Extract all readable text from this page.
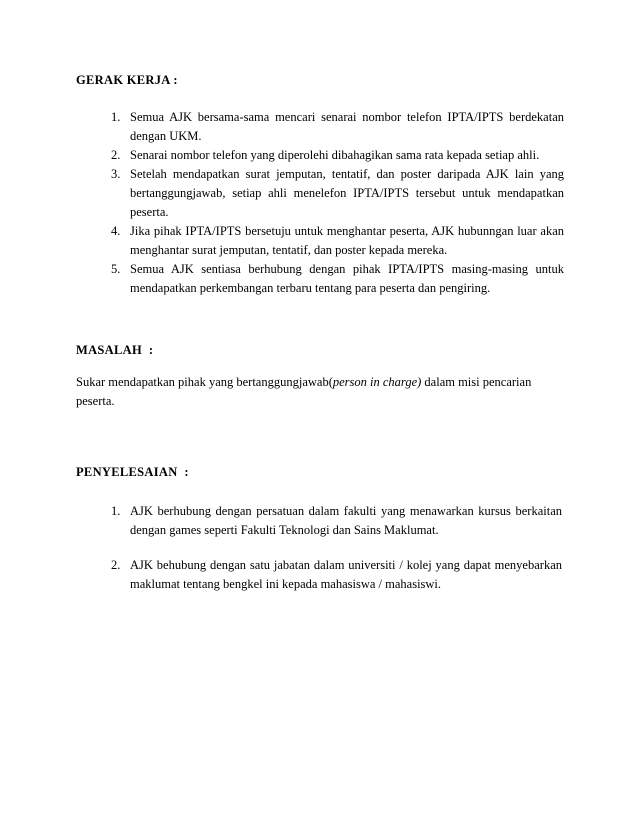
GERAK KERJA :
1. Semua AJK bersama-sama mencari senarai nombor telefon IPTA/IPTS berdekatan dengan UKM.
2. Senarai nombor telefon yang diperolehi dibahagikan sama rata kepada setiap ahli.
3. Setelah mendapatkan surat jemputan, tentatif, dan poster daripada AJK lain yang bertanggungjawab, setiap ahli menelefon IPTA/IPTS tersebut untuk mendapatkan peserta.
4. Jika pihak IPTA/IPTS bersetuju untuk menghantar peserta, AJK hubunngan luar akan menghantar surat jemputan, tentatif, dan poster kepada mereka.
5. Semua AJK sentiasa berhubung dengan pihak IPTA/IPTS masing-masing untuk mendapatkan perkembangan terbaru tentang para peserta dan pengiring.
MASALAH  :
Sukar mendapatkan pihak yang bertanggungjawab(person in charge) dalam misi pencarian peserta.
PENYELESAIAN  :
1. AJK berhubung dengan persatuan dalam fakulti yang menawarkan kursus berkaitan dengan games seperti Fakulti Teknologi dan Sains Maklumat.
2. AJK behubung dengan satu jabatan dalam universiti / kolej yang dapat menyebarkan maklumat tentang bengkel ini kepada mahasiswa / mahasiswi.
